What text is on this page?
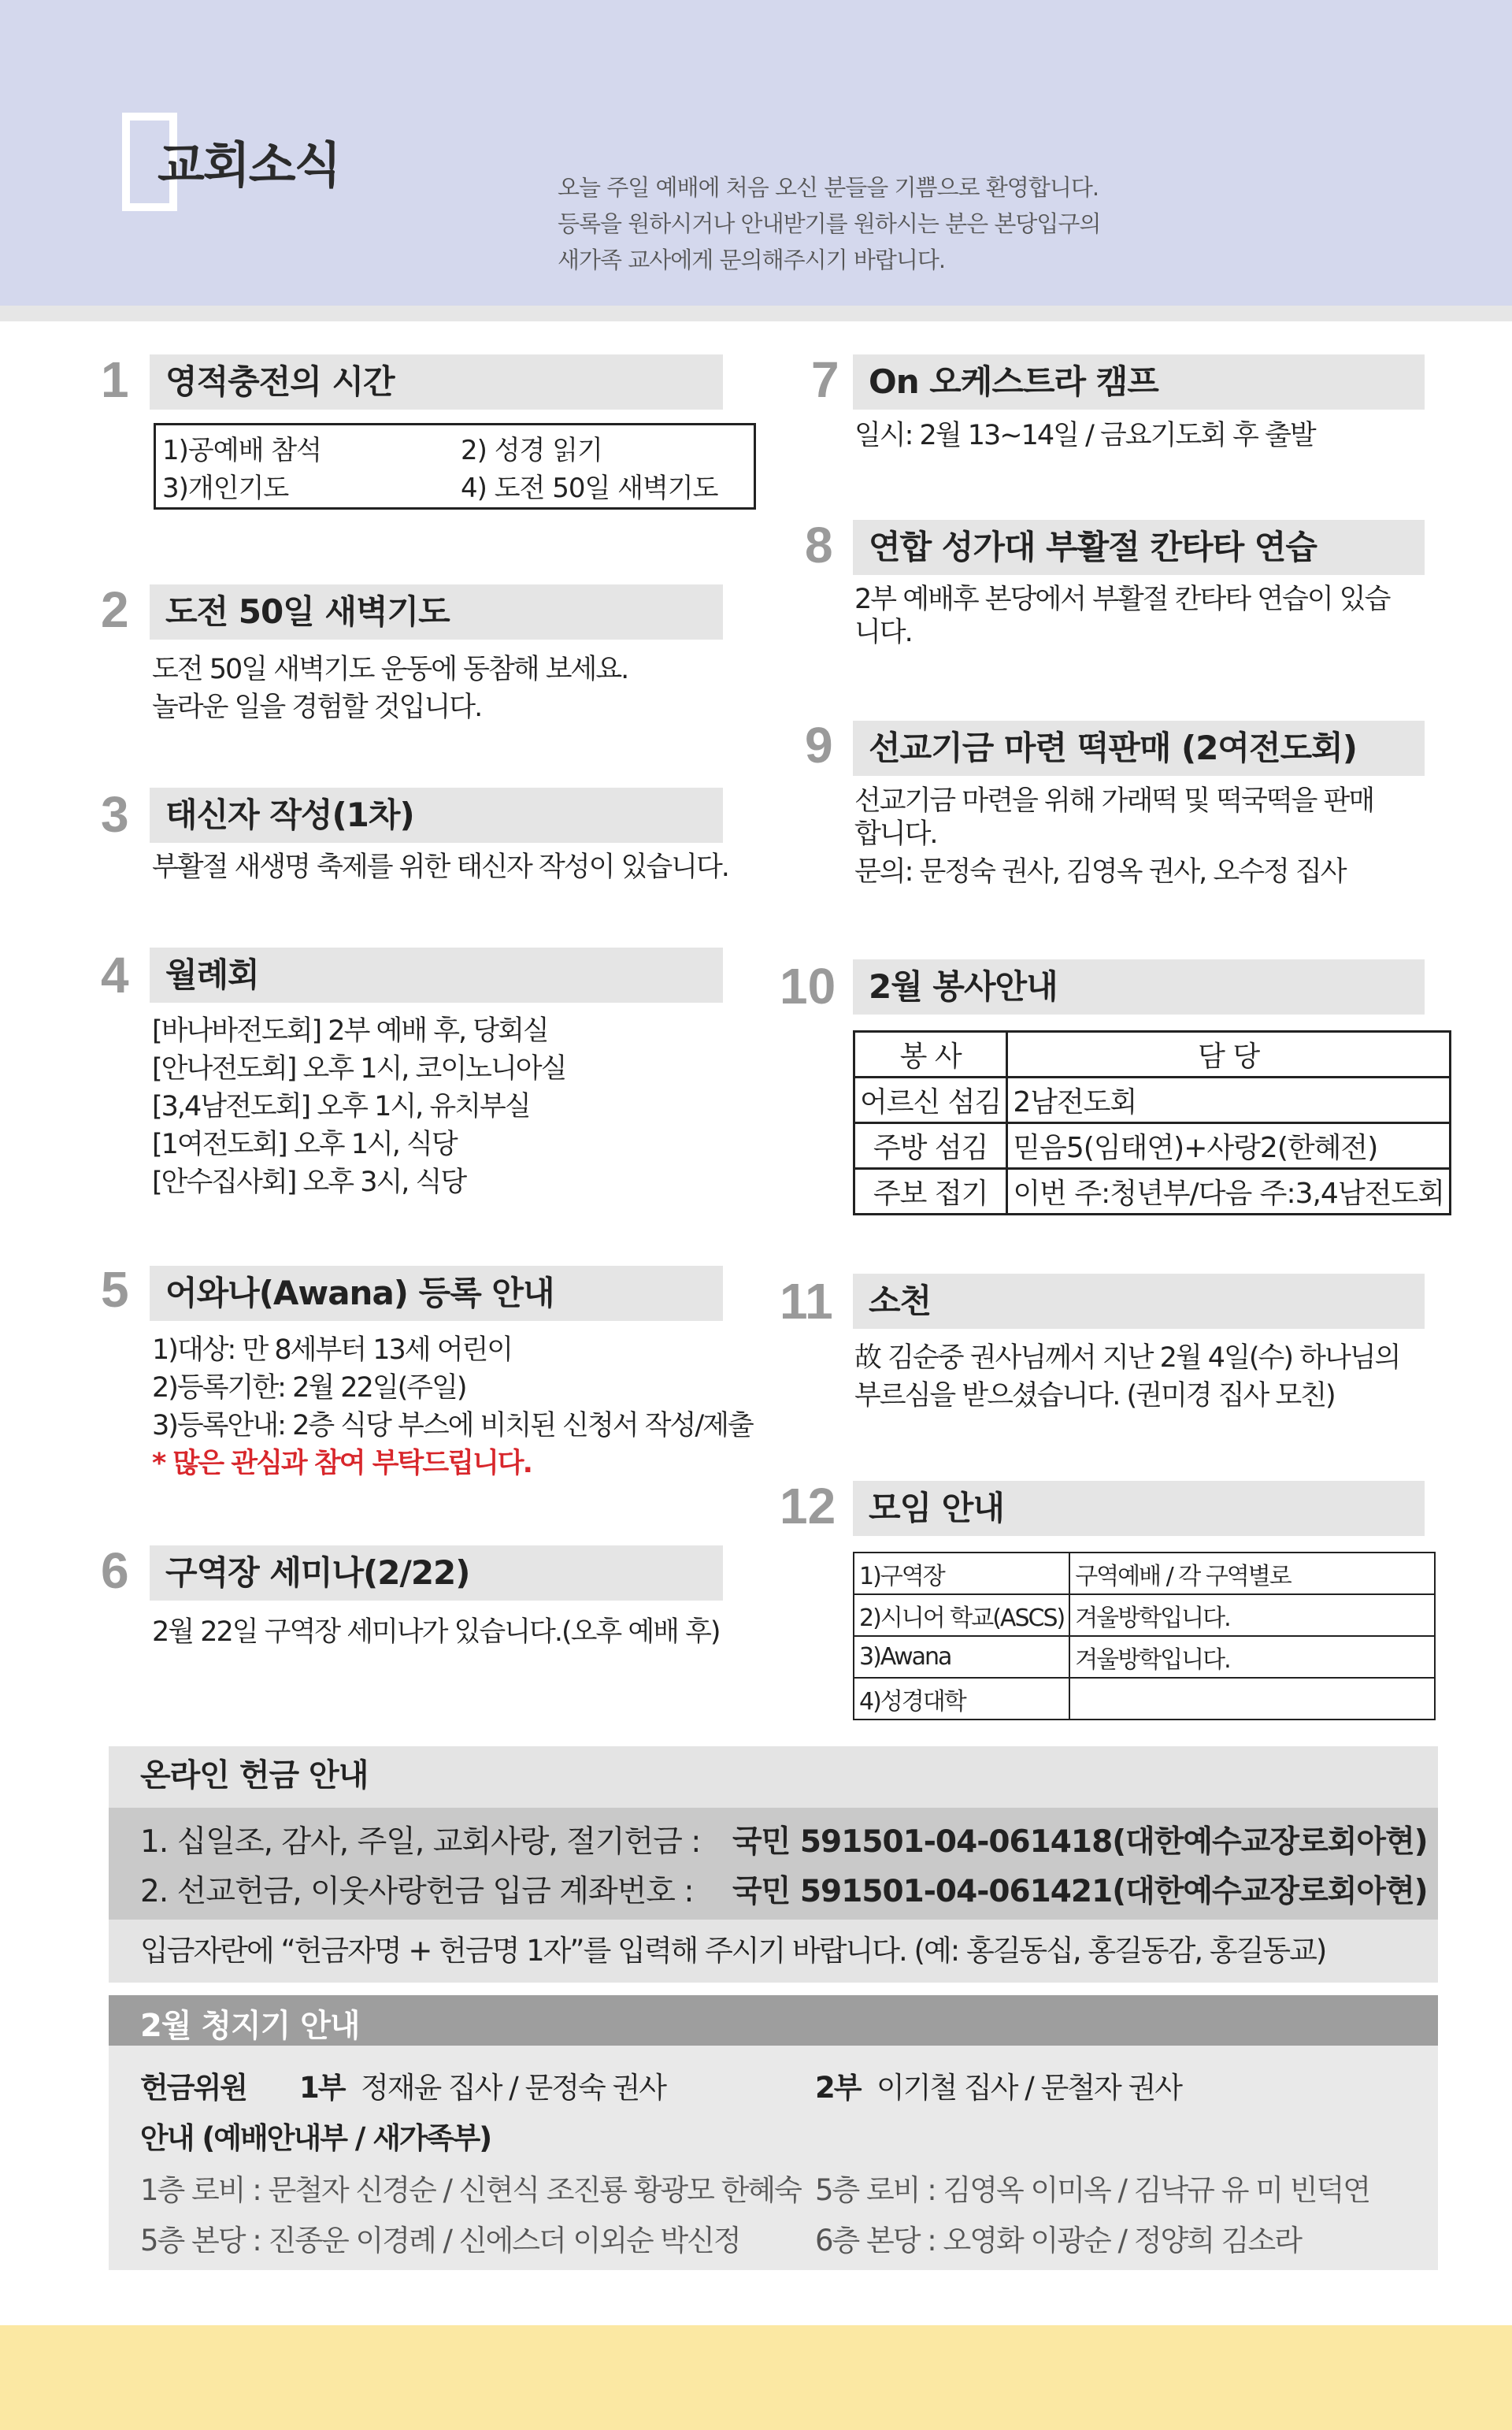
교회소식	오늘 주일 예배에 처음 오신 분들을 기쁨으로 환영합니다.
등록을 원하시거나 안내받기를 원하시는 분은 본당입구의
새가족 교사에게 문의해주시기 바랍니다.
1	영적충전의 시간
1)공예배 참석	2) 성경 읽기
3)개인기도	4) 도전 50일 새벽기도
2	도전 50일 새벽기도
도전 50일 새벽기도 운동에 동참해 보세요.
놀라운 일을 경험할 것입니다.
3	태신자 작성(1차)
부활절 새생명 축제를 위한 태신자 작성이 있습니다.
4	월례회
[바나바전도회] 2부 예배 후, 당회실
[안나전도회] 오후 1시, 코이노니아실
[3,4남전도회] 오후 1시, 유치부실
[1여전도회] 오후 1시, 식당
[안수집사회] 오후 3시, 식당
5	어와나(Awana) 등록 안내
1)대상: 만 8세부터 13세 어린이
2)등록기한: 2월 22일(주일)
3)등록안내: 2층 식당 부스에 비치된 신청서 작성/제출
* 많은 관심과 참여 부탁드립니다.
6	구역장 세미나(2/22)
2월 22일 구역장 세미나가 있습니다.(오후 예배 후)
7 On 오케스트라 캠프
일시: 2월 13~14일 / 금요기도회 후 출발
8	연합 성가대 부활절 칸타타 연습
2부 예배후 본당에서 부활절 칸타타 연습이 있습
니다.
9	선교기금 마련 떡판매 (2여전도회)
선교기금 마련을 위해 가래떡 및 떡국떡을 판매
합니다.
문의: 문정숙 권사, 김영옥 권사, 오수정 집사
10 2월 봉사안내
봉 사	담 당
어르신 섬김	2남전도회
주방 섬김	믿음5(임태연)+사랑2(한혜전)
주보 접기	이번 주:청년부/다음 주:3,4남전도회
11	소천
故 김순중 권사님께서 지난 2월 4일(수) 하나님의
부르심을 받으셨습니다. (권미경 집사 모친)
12 모임 안내
1)구역장	구역예배 / 각 구역별로
2)시니어 학교(ASCS)	겨울방학입니다.
3)Awana	겨울방학입니다.
4)성경대학	
온라인 헌금 안내
1. 십일조, 감사, 주일, 교회사랑, 절기헌금 : 국민 591501-04-061418(대한예수교장로회아현)
2. 선교헌금, 이웃사랑헌금 입금 계좌번호 : 국민 591501-04-061421(대한예수교장로회아현)
입금자란에 “헌금자명 + 헌금명 1자”를 입력해 주시기 바랍니다. (예: 홍길동십, 홍길동감, 홍길동교)
2월 청지기 안내
헌금위원 1부 정재윤 집사 / 문정숙 권사	2부 이기철 집사 / 문철자 권사
안내 (예배안내부 / 새가족부)
1층 로비 : 문철자 신경순 / 신현식 조진룡 황광모 한혜숙 5층 로비 : 김영옥 이미옥 / 김낙규 유 미 빈덕연
5층 본당 : 진종운 이경례 / 신에스더 이외순 박신정	6층 본당 : 오영화 이광순 / 정양희 김소라
